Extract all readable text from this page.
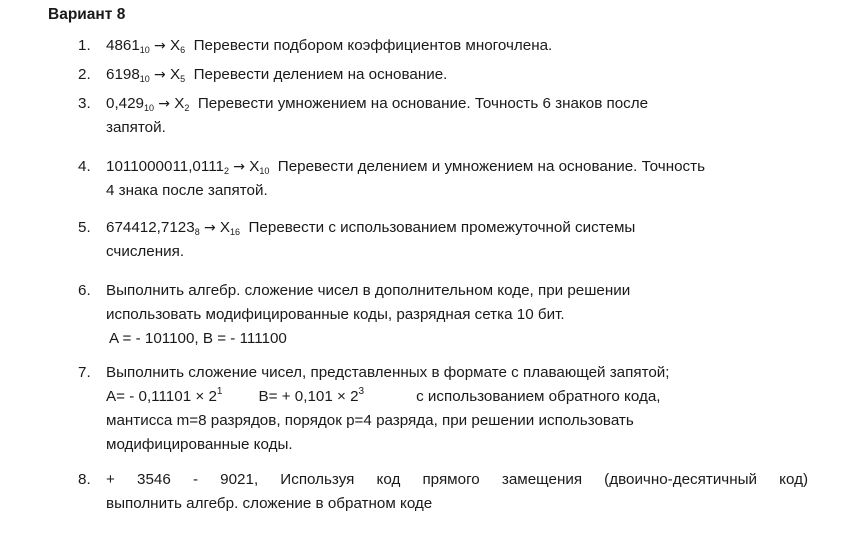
Вариант 8
1. $4861_{10} \to X_6$ Перевести подбором коэффициентов многочлена.
2. $6198_{10} \to X_5$ Перевести делением на основание.
3. $0,429_{10} \to X_2$ Перевести умножением на основание. Точность 6 знаков после
запятой.
4. $1011000011,0111_2 \to X_{10}$ Перевести делением и умножением на основание. Точность
4 знака после запятой.
5. $674412,7123_8 \to X_{16}$ Перевести с использованием промежуточной системы
счисления.
6. Выполнить алгебр. сложение чисел в дополнительном коде, при решении
использовать модифицированные коды, разрядная сетка 10 бит.
A = - 101100, B = - 111100
7. Выполнить сложение чисел, представленных в формате с плавающей запятой;
$A= - 0,11101 \times 2^1$ $B= + 0,101 \times 2^3$	с использованием обратного кода,
мантисса m=8 разрядов, порядок p=4 разряда, при решении использовать
модифицированные коды.
8. + 3546 - 9021, Используя код прямого замещения (двоично-десятичный код)
выполнить алгебр. сложение в обратном коде
